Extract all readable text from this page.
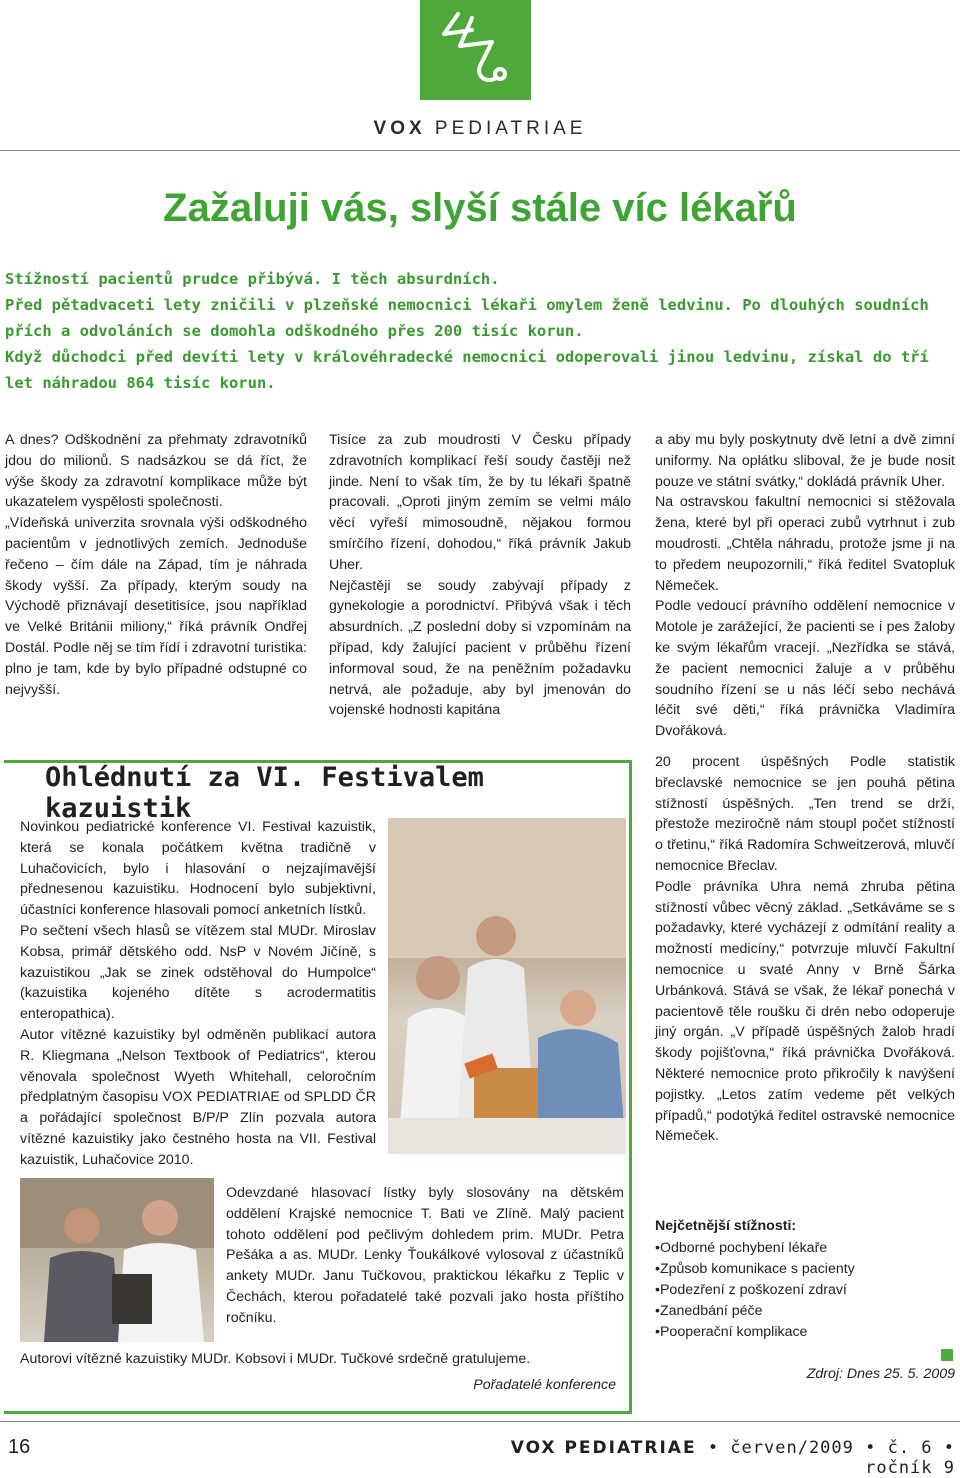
VOX PEDIATRIAE
Zažaluji vás, slyší stále víc lékařů

Stížností pacientů prudce přibývá. I těch absurdních.

Před pětadvaceti lety zničili v plzeňské nemocnici lékaři omylem ženě ledvinu. Po dlouhých soudních přích a odvoláních se domohla odškodného přes 200 tisíc korun.

Když důchodci před devíti lety v královéhradecké nemocnici odoperovali jinou ledvinu, získal do tří let náhradou 864 tisíc korun.

A dnes? Odškodnění za přehmaty zdravotníků jdou do milionů. S nadsázkou se dá říct, že výše škody za zdravotní komplikace může být ukazatelem vyspělosti společnosti.

„Vídeňská univerzita srovnala výši odškodného pacientům v jednotlivých zemích. Jednoduše řečeno – čím dále na Západ, tím je náhrada škody vyšší. Za případy, kterým soudy na Východě přiznávají desetitisíce, jsou například ve Velké Británii miliony,“ říká právník Ondřej Dostál. Podle něj se tím řídí i zdravotní turistika: plno je tam, kde by bylo případné odstupné co nejvyšší.

Tisíce za zub moudrosti V Česku případy zdravotních komplikací řeší soudy častěji než jinde. Není to však tím, že by tu lékaři špatně pracovali. „Oproti jiným zemím se velmi málo věcí vyřeší mimosoudně, nějakou formou smírčího řízení, dohodou,“ říká právník Jakub Uher.

Nejčastěji se soudy zabývají případy z gynekologie a porodnictví. Přibývá však i těch absurdních. „Z poslední doby si vzpomínám na případ, kdy žalující pacient v průběhu řízení informoval soud, že na peněžním požadavku netrvá, ale požaduje, aby byl jmenován do vojenské hodnosti kapitána

a aby mu byly poskytnuty dvě letní a dvě zimní uniformy. Na oplátku sliboval, že je bude nosit pouze ve státní svátky,“ dokládá právník Uher.

Na ostravskou fakultní nemocnici si stěžovala žena, které byl při operaci zubů vytrhnut i zub moudrosti. „Chtěla náhradu, protože jsme ji na to předem neupozornili,“ říká ředitel Svatopluk Němeček.

Podle vedoucí právního oddělení nemocnice v Motole je zarážející, že pacienti se i pes žaloby ke svým lékařům vracejí. „Nezřídka se stává, že pacient nemocnici žaluje a v průběhu soudního řízení se u nás léčí sebo nechává léčit své děti,“ říká právnička Vladimíra Dvořáková.

20 procent úspěšných Podle statistik břeclavské nemocnice se jen pouhá pětina stížností úspěšných. „Ten trend se drží, přestože meziročně nám stoupl počet stížností o třetinu,“ říká Radomíra Schweitzerová, mluvčí nemocnice Břeclav.

Podle právníka Uhra nemá zhruba pětina stížností vůbec věcný základ. „Setkáváme se s požadavky, které vycházejí z odmítání reality a možností medicíny,“ potvrzuje mluvčí Fakultní nemocnice u svaté Anny v Brně Šárka Urbánková. Stává se však, že lékař ponechá v pacientově těle roušku či drén nebo odoperuje jiný orgán. „V případě úspěšných žalob hradí škody pojišťovna,“ říká právnička Dvořáková. Některé nemocnice proto přikročily k navýšení pojistky. „Letos zatím vedeme pět velkých případů,“ podotýká ředitel ostravské nemocnice Němeček.

Nejčetnější stížnosti:
• Odborné pochybení lékaře
• Způsob komunikace s pacienty
• Podezření z poškození zdraví
• Zanedbání péče
• Pooperační komplikace
Zdroj: Dnes 25. 5. 2009
Ohlédnutí za VI. Festivalem kazuistik

Novinkou pediatrické konference VI. Festival kazuistik, která se konala počátkem května tradičně v Luhačovicích, bylo i hlasování o nejzajímavější přednesenou kazuistiku. Hodnocení bylo subjektivní, účastníci konference hlasovali pomocí anketních lístků.

Po sečtení všech hlasů se vítězem stal MUDr. Miroslav Kobsa, primář dětského odd. NsP v Novém Jičíně, s kazuistikou „Jak se zinek odstěhoval do Humpolce“ (kazuistika kojeného dítěte s acrodermatitis enteropathica).

Autor vítězné kazuistiky byl odměněn publikací autora R. Kliegmana „Nelson Textbook of Pediatrics“, kterou věnovala společnost Wyeth Whitehall, celoročním předplatným časopisu VOX PEDIATRIAE od SPLDD ČR a pořádající společnost B/P/P Zlín pozvala autora vítězné kazuistiky jako čestného hosta na VII. Festival kazuistik, Luhačovice 2010.

Odevzdané hlasovací lístky byly slosovány na dětském oddělení Krajské nemocnice T. Bati ve Zlíně. Malý pacient tohoto oddělení pod pečlivým dohledem prim. MUDr. Petra Pešáka a as. MUDr. Lenky Ťoukálkové vylosoval z účastníků ankety MUDr. Janu Tučkovou, praktickou lékařku z Teplic v Čechách, kterou pořadatelé také pozvali jako hosta příštího ročníku.
Autorovi vítězné kazuistiky MUDr. Kobsovi i MUDr. Tučkové srdečně gratulujeme.
Pořadatelé konference
16	VOX PEDIATRIAE • červen/2009 • č. 6 • ročník 9
